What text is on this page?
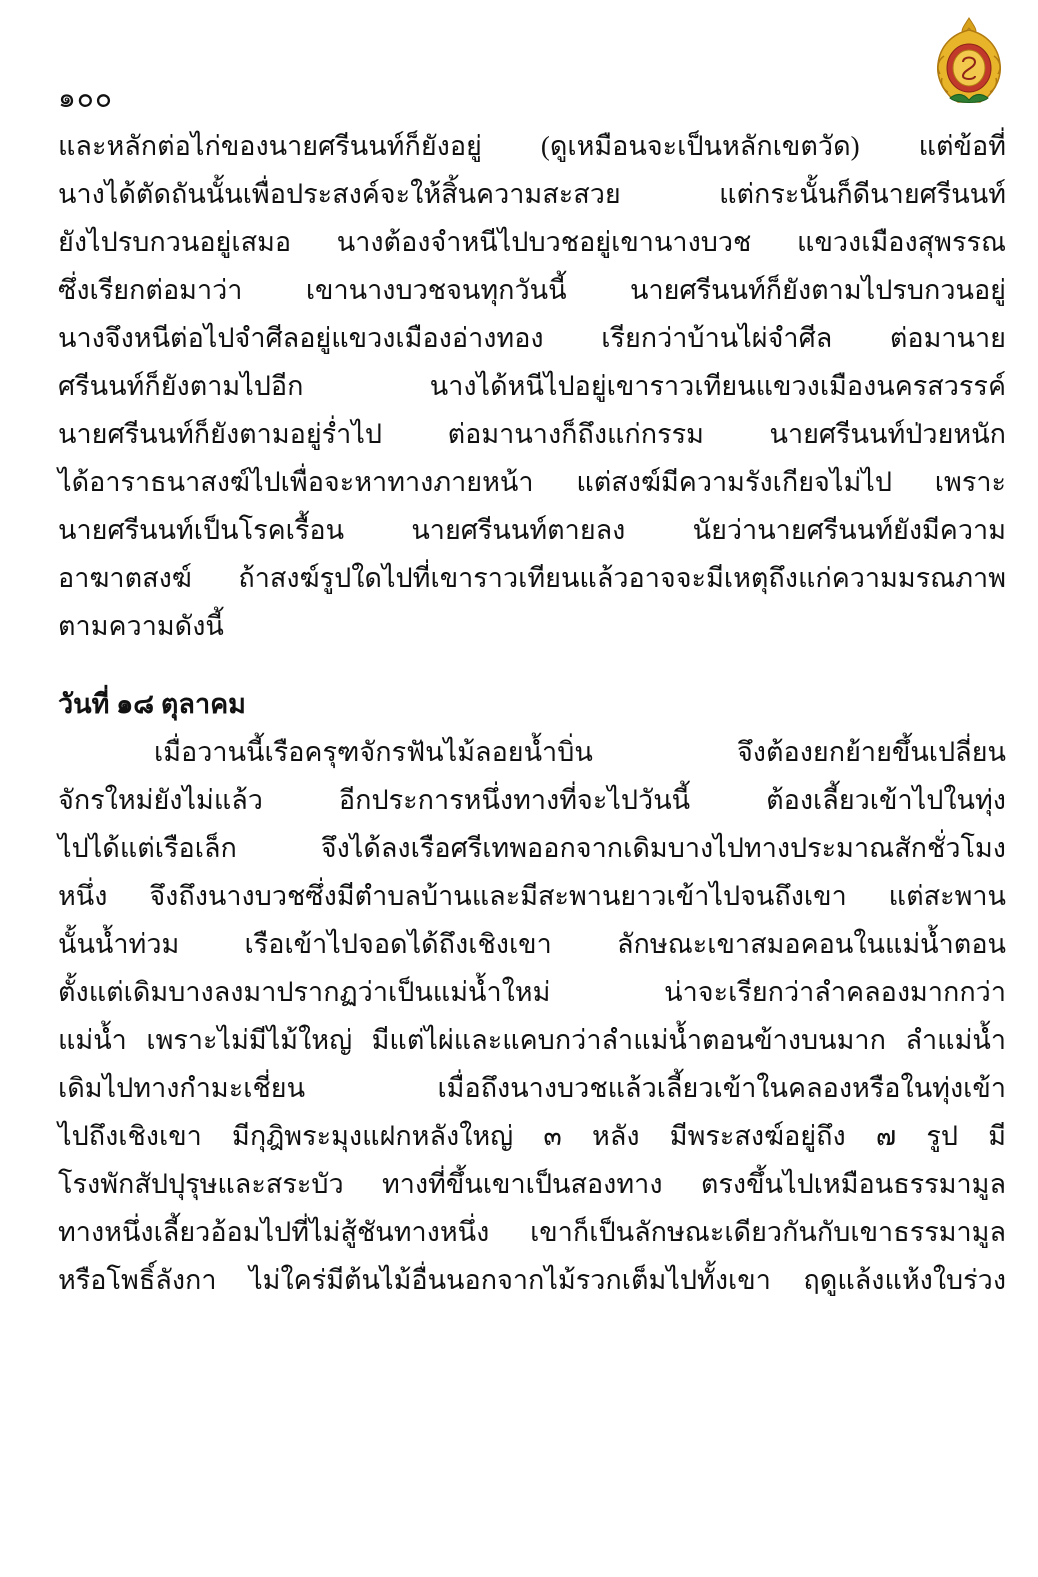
๑๐๐
และหลักต่อไก่ของนายศรีนนท์ก็ยังอยู่ (ดูเหมือนจะเป็นหลักเขตวัด) แต่ข้อที่
นางได้ตัดถันนั้นเพื่อประสงค์จะให้สิ้นความสะสวย แต่กระนั้นก็ดีนายศรีนนท์
ยังไปรบกวนอยู่เสมอ นางต้องจำหนีไปบวชอยู่เขานางบวช แขวงเมืองสุพรรณ
ซึ่งเรียกต่อมาว่า เขานางบวชจนทุกวันนี้ นายศรีนนท์ก็ยังตามไปรบกวนอยู่
นางจึงหนีต่อไปจำศีลอยู่แขวงเมืองอ่างทอง เรียกว่าบ้านไผ่จำศีล ต่อมานาย
ศรีนนท์ก็ยังตามไปอีก นางได้หนีไปอยู่เขาราวเทียนแขวงเมืองนครสวรรค์
นายศรีนนท์ก็ยังตามอยู่ร่ำไป ต่อมานางก็ถึงแก่กรรม นายศรีนนท์ป่วยหนัก
ได้อาราธนาสงฆ์ไปเพื่อจะหาทางภายหน้า แต่สงฆ์มีความรังเกียจไม่ไป เพราะ
นายศรีนนท์เป็นโรคเรื้อน นายศรีนนท์ตายลง นัยว่านายศรีนนท์ยังมีความ
อาฆาตสงฆ์ ถ้าสงฆ์รูปใดไปที่เขาราวเทียนแล้วอาจจะมีเหตุถึงแก่ความมรณภาพ
ตามความดังนี้
วันที่ ๑๘ ตุลาคม
เมื่อวานนี้เรือครุฑจักรฟันไม้ลอยน้ำบิ่น จึงต้องยกย้ายขึ้นเปลี่ยน
จักรใหม่ยังไม่แล้ว อีกประการหนึ่งทางที่จะไปวันนี้ ต้องเลี้ยวเข้าไปในทุ่ง
ไปได้แต่เรือเล็ก จึงได้ลงเรือศรีเทพออกจากเดิมบางไปทางประมาณสักชั่วโมง
หนึ่ง จึงถึงนางบวชซึ่งมีตำบลบ้านและมีสะพานยาวเข้าไปจนถึงเขา แต่สะพาน
นั้นน้ำท่วม เรือเข้าไปจอดได้ถึงเชิงเขา ลักษณะเขาสมอคอนในแม่น้ำตอน
ตั้งแต่เดิมบางลงมาปรากฏว่าเป็นแม่น้ำใหม่ น่าจะเรียกว่าลำคลองมากกว่า
แม่น้ำ เพราะไม่มีไม้ใหญ่ มีแต่ไผ่และแคบกว่าลำแม่น้ำตอนข้างบนมาก ลำแม่น้ำ
เดิมไปทางกำมะเชี่ยน เมื่อถึงนางบวชแล้วเลี้ยวเข้าในคลองหรือในทุ่งเข้า
ไปถึงเชิงเขา มีกุฎิพระมุงแฝกหลังใหญ่ ๓ หลัง มีพระสงฆ์อยู่ถึง ๗ รูป มี
โรงพักสัปปุรุษและสระบัว ทางที่ขึ้นเขาเป็นสองทาง ตรงขึ้นไปเหมือนธรรมามูล
ทางหนึ่งเลี้ยวอ้อมไปที่ไม่สู้ชันทางหนึ่ง เขาก็เป็นลักษณะเดียวกันกับเขาธรรมามูล
หรือโพธิ์ลังกา ไม่ใคร่มีต้นไม้อื่นนอกจากไม้รวกเต็มไปทั้งเขา ฤดูแล้งแห้งใบร่วง
